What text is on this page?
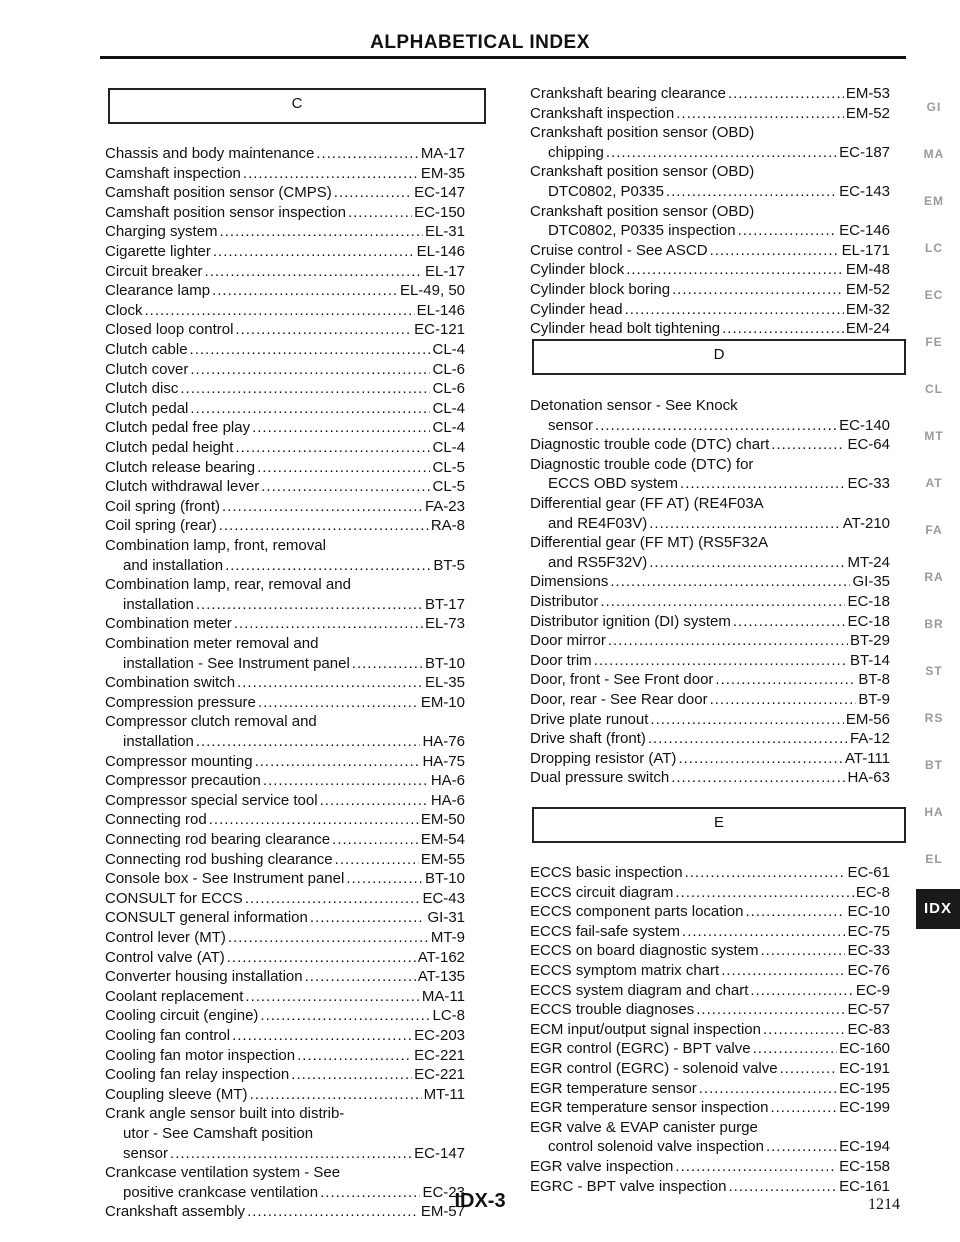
ALPHABETICAL INDEX
C
D
E
Chassis and body maintenance .....	MA-17
Camshaft inspection .....	EM-35
Camshaft position sensor (CMPS) .....	EC-147
Camshaft position sensor inspection .....	EC-150
Charging system .....	EL-31
Cigarette lighter .....	EL-146
Circuit breaker .....	EL-17
Clearance lamp .....	EL-49, 50
Clock .....	EL-146
Closed loop control .....	EC-121
Clutch cable .....	CL-4
Clutch cover .....	CL-6
Clutch disc .....	CL-6
Clutch pedal .....	CL-4
Clutch pedal free play .....	CL-4
Clutch pedal height .....	CL-4
Clutch release bearing .....	CL-5
Clutch withdrawal lever .....	CL-5
Coil spring (front) .....	FA-23
Coil spring (rear) .....	RA-8
Combination lamp, front, removal
and installation .....	BT-5
Combination lamp, rear, removal and
installation .....	BT-17
Combination meter .....	EL-73
Combination meter removal and
installation - See Instrument panel .....	BT-10
Combination switch .....	EL-35
Compression pressure .....	EM-10
Compressor clutch removal and
installation .....	HA-76
Compressor mounting .....	HA-75
Compressor precaution .....	HA-6
Compressor special service tool .....	HA-6
Connecting rod .....	EM-50
Connecting rod bearing clearance .....	EM-54
Connecting rod bushing clearance .....	EM-55
Console box - See Instrument panel .....	BT-10
CONSULT for ECCS .....	EC-43
CONSULT general information .....	GI-31
Control lever (MT) .....	MT-9
Control valve (AT) .....	AT-162
Converter housing installation .....	AT-135
Coolant replacement .....	MA-11
Cooling circuit (engine) .....	LC-8
Cooling fan control .....	EC-203
Cooling fan motor inspection .....	EC-221
Cooling fan relay inspection .....	EC-221
Coupling sleeve (MT) .....	MT-11
Crank angle sensor built into distrib-
utor - See Camshaft position
sensor .....	EC-147
Crankcase ventilation system - See
positive crankcase ventilation .....	EC-23
Crankshaft assembly .....	EM-57
Crankshaft bearing clearance .....	EM-53
Crankshaft inspection .....	EM-52
Crankshaft position sensor (OBD)
chipping .....	EC-187
Crankshaft position sensor (OBD)
DTC0802, P0335 .....	EC-143
Crankshaft position sensor (OBD)
DTC0802, P0335 inspection .....	EC-146
Cruise control - See ASCD .....	EL-171
Cylinder block .....	EM-48
Cylinder block boring .....	EM-52
Cylinder head .....	EM-32
Cylinder head bolt tightening .....	EM-24
Detonation sensor - See Knock
sensor .....	EC-140
Diagnostic trouble code (DTC) chart .....	EC-64
Diagnostic trouble code (DTC) for
ECCS OBD system .....	EC-33
Differential gear (FF AT) (RE4F03A
and RE4F03V) .....	AT-210
Differential gear (FF MT) (RS5F32A
and RS5F32V) .....	MT-24
Dimensions .....	GI-35
Distributor .....	EC-18
Distributor ignition (DI) system .....	EC-18
Door mirror .....	BT-29
Door trim .....	BT-14
Door, front - See Front door .....	BT-8
Door, rear - See Rear door .....	BT-9
Drive plate runout .....	EM-56
Drive shaft (front) .....	FA-12
Dropping resistor (AT) .....	AT-111
Dual pressure switch .....	HA-63
ECCS basic inspection .....	EC-61
ECCS circuit diagram .....	EC-8
ECCS component parts location .....	EC-10
ECCS fail-safe system .....	EC-75
ECCS on board diagnostic system .....	EC-33
ECCS symptom matrix chart .....	EC-76
ECCS system diagram and chart .....	EC-9
ECCS trouble diagnoses .....	EC-57
ECM input/output signal inspection .....	EC-83
EGR control (EGRC) - BPT valve .....	EC-160
EGR control (EGRC) - solenoid valve .....	EC-191
EGR temperature sensor .....	EC-195
EGR temperature sensor inspection .....	EC-199
EGR valve & EVAP canister purge
control solenoid valve inspection .....	EC-194
EGR valve inspection .....	EC-158
EGRC - BPT valve inspection .....	EC-161
GI
MA
EM
LC
EC
FE
CL
MT
AT
FA
RA
BR
ST
RS
BT
HA
EL
IDX
IDX-3	1214
